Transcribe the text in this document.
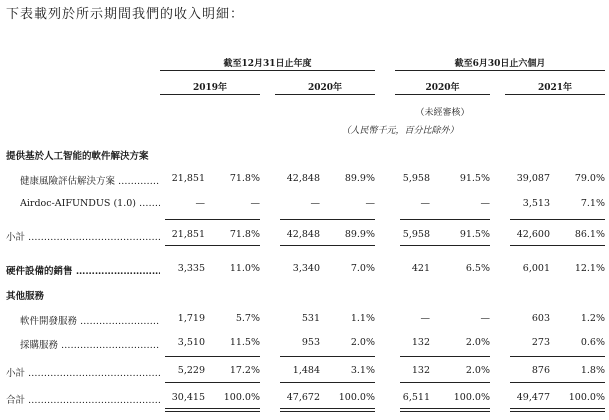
下表載列於所示期間我們的收入明細：
截至12月31日止年度	截至6月30日止六個月
2019年	2020年	2020年	2021年
（未經審核）
（人民幣千元，百分比除外）
提供基於人工智能的軟件解決方案
健康風險評估解決方案 ………………………………………	21,851	71.8%	42,848	89.9%	5,958	91.5%	39,087	79.0%
Airdoc-AIFUNDUS (1.0) ………………………………………	—	—	—	—	—	—	3,513	7.1%
小計 ………………………………………	21,851	71.8%	42,848	89.9%	5,958	91.5%	42,600	86.1%
硬件設備的銷售 ………………………………………	3,335	11.0%	3,340	7.0%	421	6.5%	6,001	12.1%
其他服務
軟件開發服務 ………………………………………	1,719	5.7%	531	1.1%	—	—	603	1.2%
採購服務 ………………………………………	3,510	11.5%	953	2.0%	132	2.0%	273	0.6%
小計 ………………………………………	5,229	17.2%	1,484	3.1%	132	2.0%	876	1.8%
合計 ………………………………………	30,415	100.0%	47,672	100.0%	6,511	100.0%	49,477	100.0%
